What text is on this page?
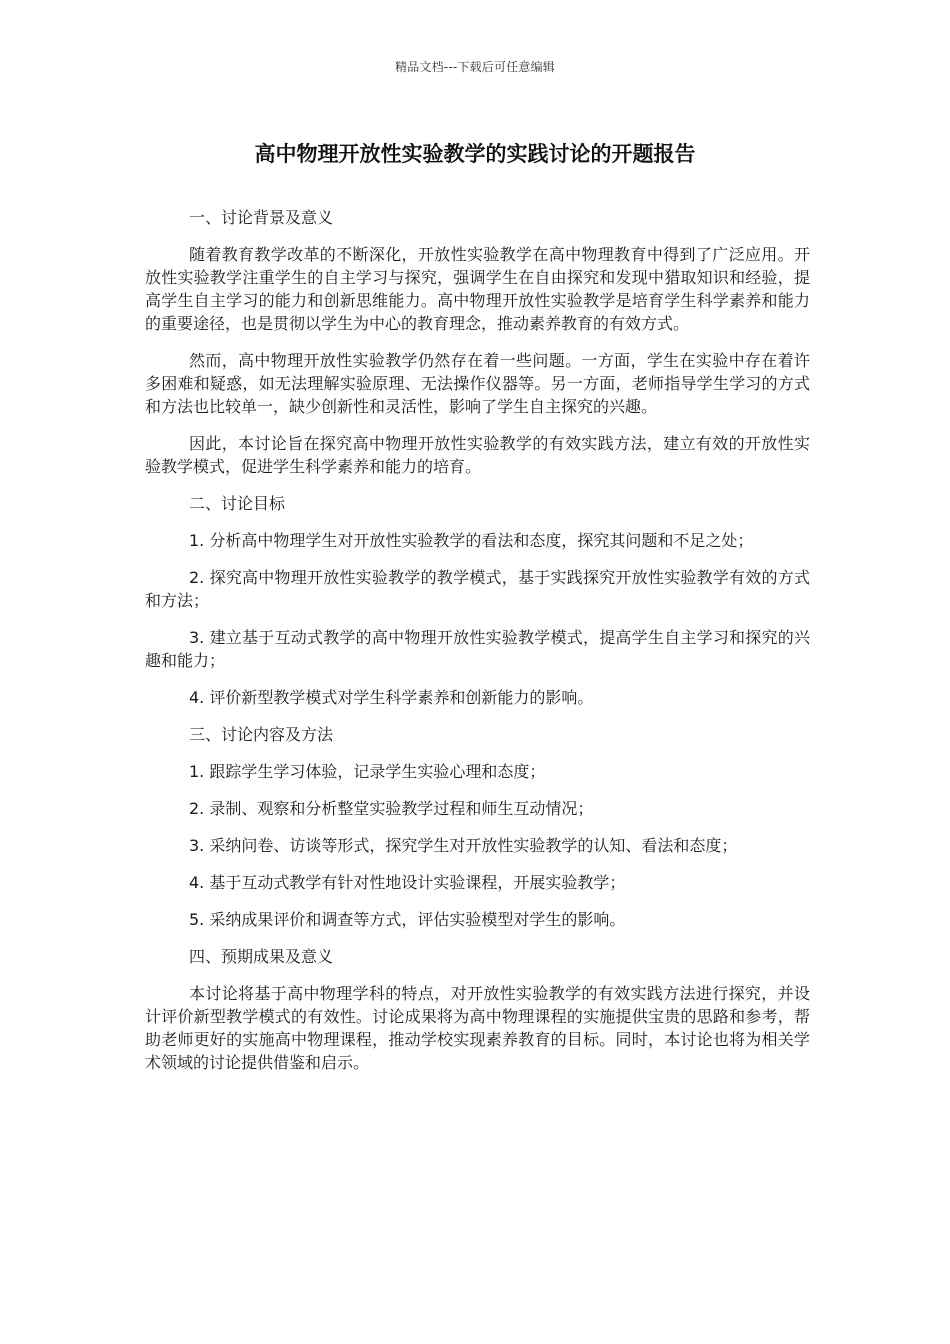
精品文档---下载后可任意编辑
高中物理开放性实验教学的实践讨论的开题报告

一、讨论背景及意义

随着教育教学改革的不断深化，开放性实验教学在高中物理教育中得到了广泛应用。开放性实验教学注重学生的自主学习与探究，强调学生在自由探究和发现中猎取知识和经验，提高学生自主学习的能力和创新思维能力。高中物理开放性实验教学是培育学生科学素养和能力的重要途径，也是贯彻以学生为中心的教育理念，推动素养教育的有效方式。

然而，高中物理开放性实验教学仍然存在着一些问题。一方面，学生在实验中存在着许多困难和疑惑，如无法理解实验原理、无法操作仪器等。另一方面，老师指导学生学习的方式和方法也比较单一，缺少创新性和灵活性，影响了学生自主探究的兴趣。

因此，本讨论旨在探究高中物理开放性实验教学的有效实践方法，建立有效的开放性实验教学模式，促进学生科学素养和能力的培育。

二、讨论目标

1. 分析高中物理学生对开放性实验教学的看法和态度，探究其问题和不足之处；

2. 探究高中物理开放性实验教学的教学模式，基于实践探究开放性实验教学有效的方式和方法；

3. 建立基于互动式教学的高中物理开放性实验教学模式，提高学生自主学习和探究的兴趣和能力；

4. 评价新型教学模式对学生科学素养和创新能力的影响。

三、讨论内容及方法

1. 跟踪学生学习体验，记录学生实验心理和态度；

2. 录制、观察和分析整堂实验教学过程和师生互动情况；

3. 采纳问卷、访谈等形式，探究学生对开放性实验教学的认知、看法和态度；

4. 基于互动式教学有针对性地设计实验课程，开展实验教学；

5. 采纳成果评价和调查等方式，评估实验模型对学生的影响。

四、预期成果及意义

本讨论将基于高中物理学科的特点，对开放性实验教学的有效实践方法进行探究，并设计评价新型教学模式的有效性。讨论成果将为高中物理课程的实施提供宝贵的思路和参考，帮助老师更好的实施高中物理课程，推动学校实现素养教育的目标。同时，本讨论也将为相关学术领域的讨论提供借鉴和启示。
